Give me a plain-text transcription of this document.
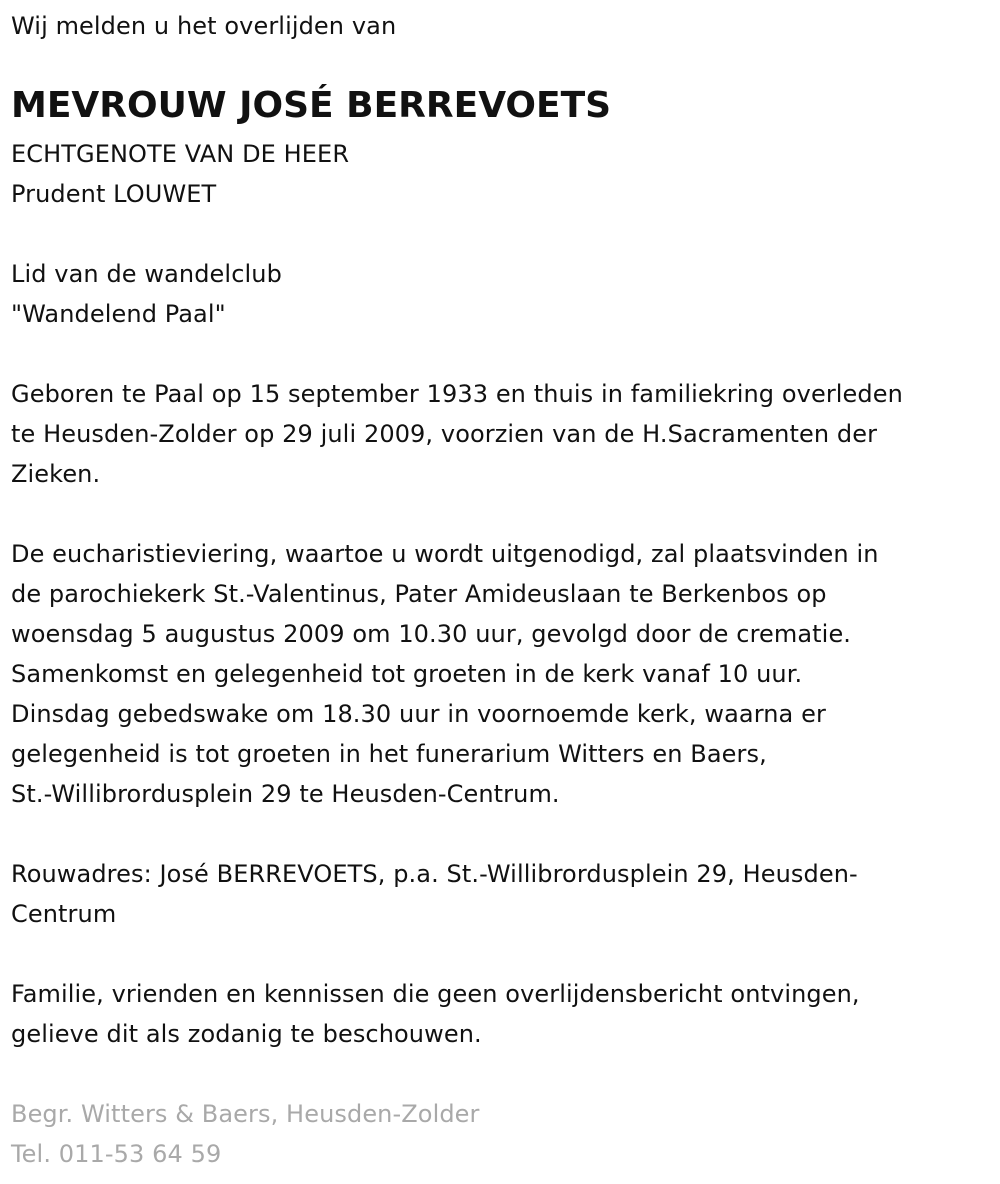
Wij melden u het overlijden van
MEVROUW JOSÉ BERREVOETS
ECHTGENOTE VAN DE HEER
Prudent LOUWET
Lid van de wandelclub
"Wandelend Paal"
Geboren te Paal op 15 september 1933 en thuis in familiekring overleden
te Heusden-Zolder op 29 juli 2009, voorzien van de H.Sacramenten der
Zieken.
De eucharistieviering, waartoe u wordt uitgenodigd, zal plaatsvinden in
de parochiekerk St.-Valentinus, Pater Amideuslaan te Berkenbos op
woensdag 5 augustus 2009 om 10.30 uur, gevolgd door de crematie.
Samenkomst en gelegenheid tot groeten in de kerk vanaf 10 uur.
Dinsdag gebedswake om 18.30 uur in voornoemde kerk, waarna er
gelegenheid is tot groeten in het funerarium Witters en Baers,
St.-Willibrordusplein 29 te Heusden-Centrum.
Rouwadres: José BERREVOETS, p.a. St.-Willibrordusplein 29, Heusden-
Centrum
Familie, vrienden en kennissen die geen overlijdensbericht ontvingen,
gelieve dit als zodanig te beschouwen.
Begr. Witters & Baers, Heusden-Zolder
Tel. 011-53 64 59
